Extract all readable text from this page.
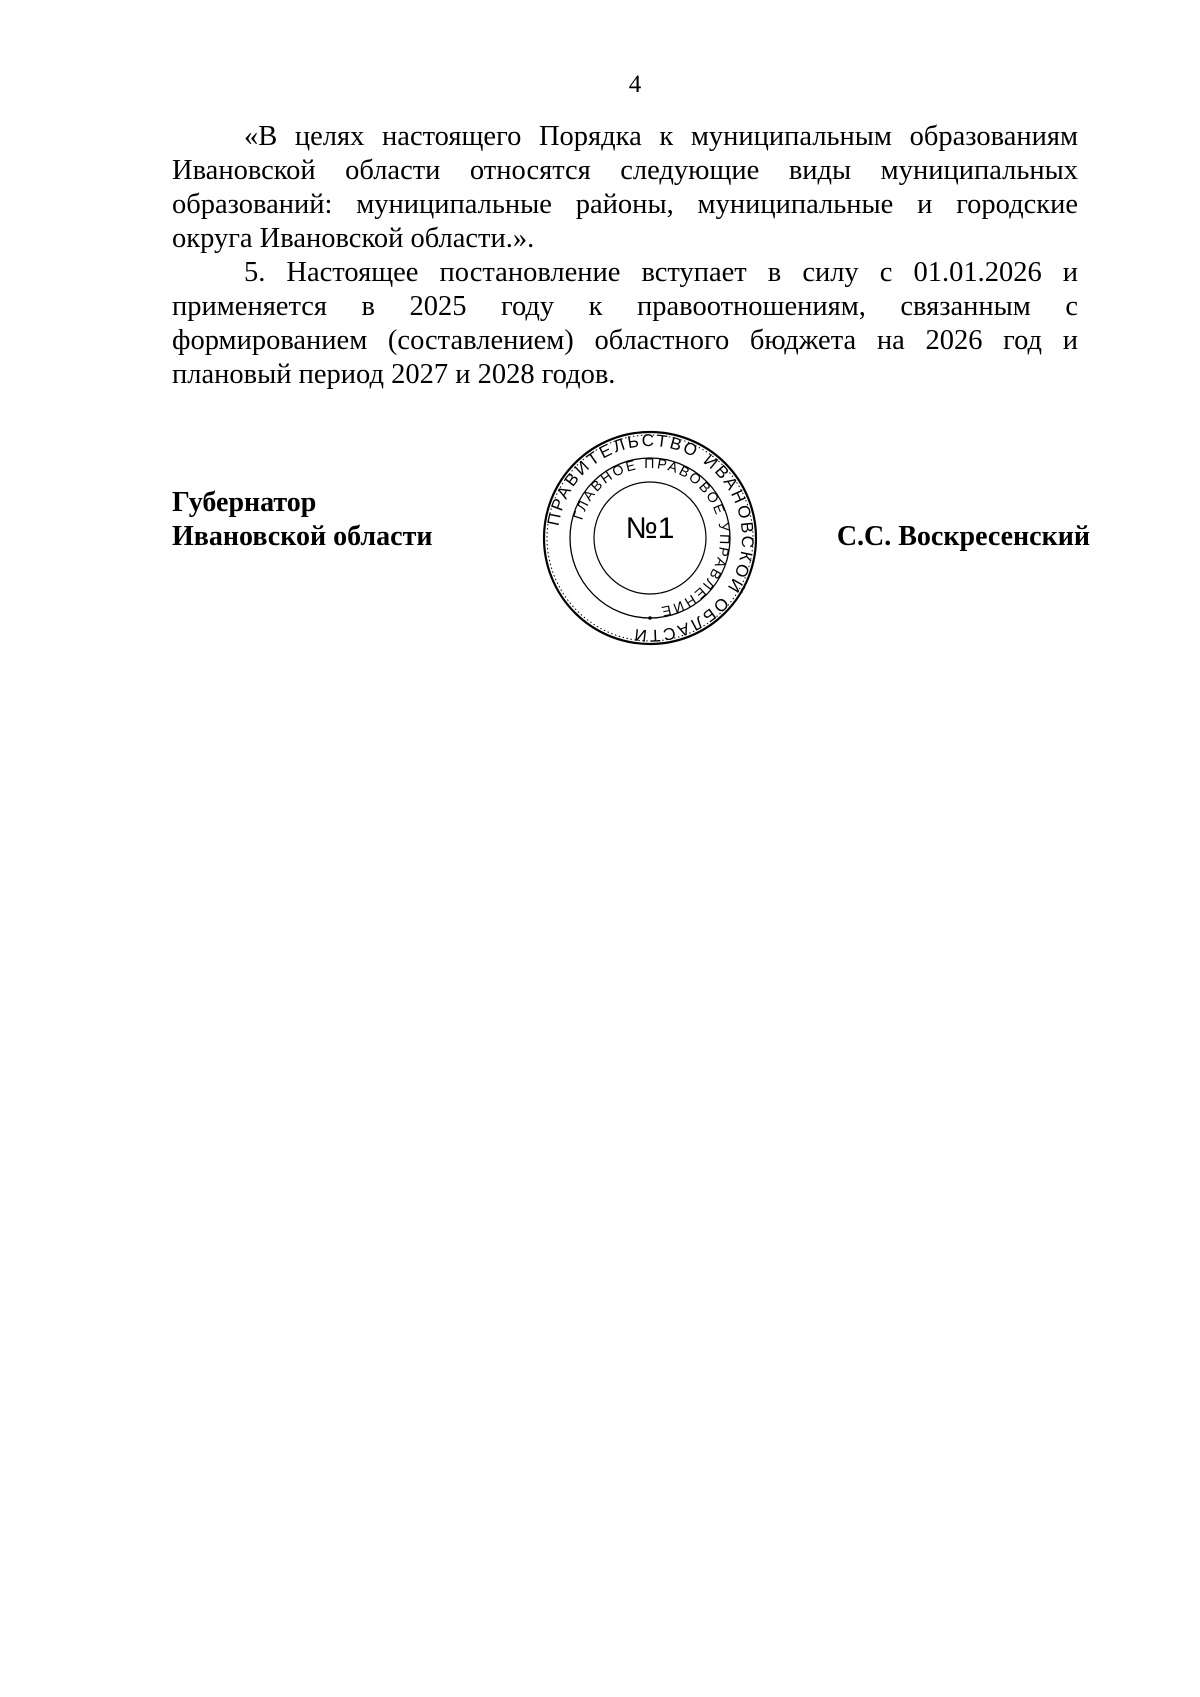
4

«В целях настоящего Порядка к муниципальным образованиям Ивановской области относятся следующие виды муниципальных образований: муниципальные районы, муниципальные и городские округа Ивановской области.».

5. Настоящее постановление вступает в силу с 01.01.2026 и применяется в 2025 году к правоотношениям, связанным с формированием (составлением) областного бюджета на 2026 год и плановый период 2027 и 2028 годов.

Губернатор
Ивановской области
ПРАВИТЕЛЬСТВО ИВАНОВСКОЙ ОБЛАСТИ
ГЛАВНОЕ ПРАВОВОЕ УПРАВЛЕНИЕ
№1	С.С. Воскресенский
